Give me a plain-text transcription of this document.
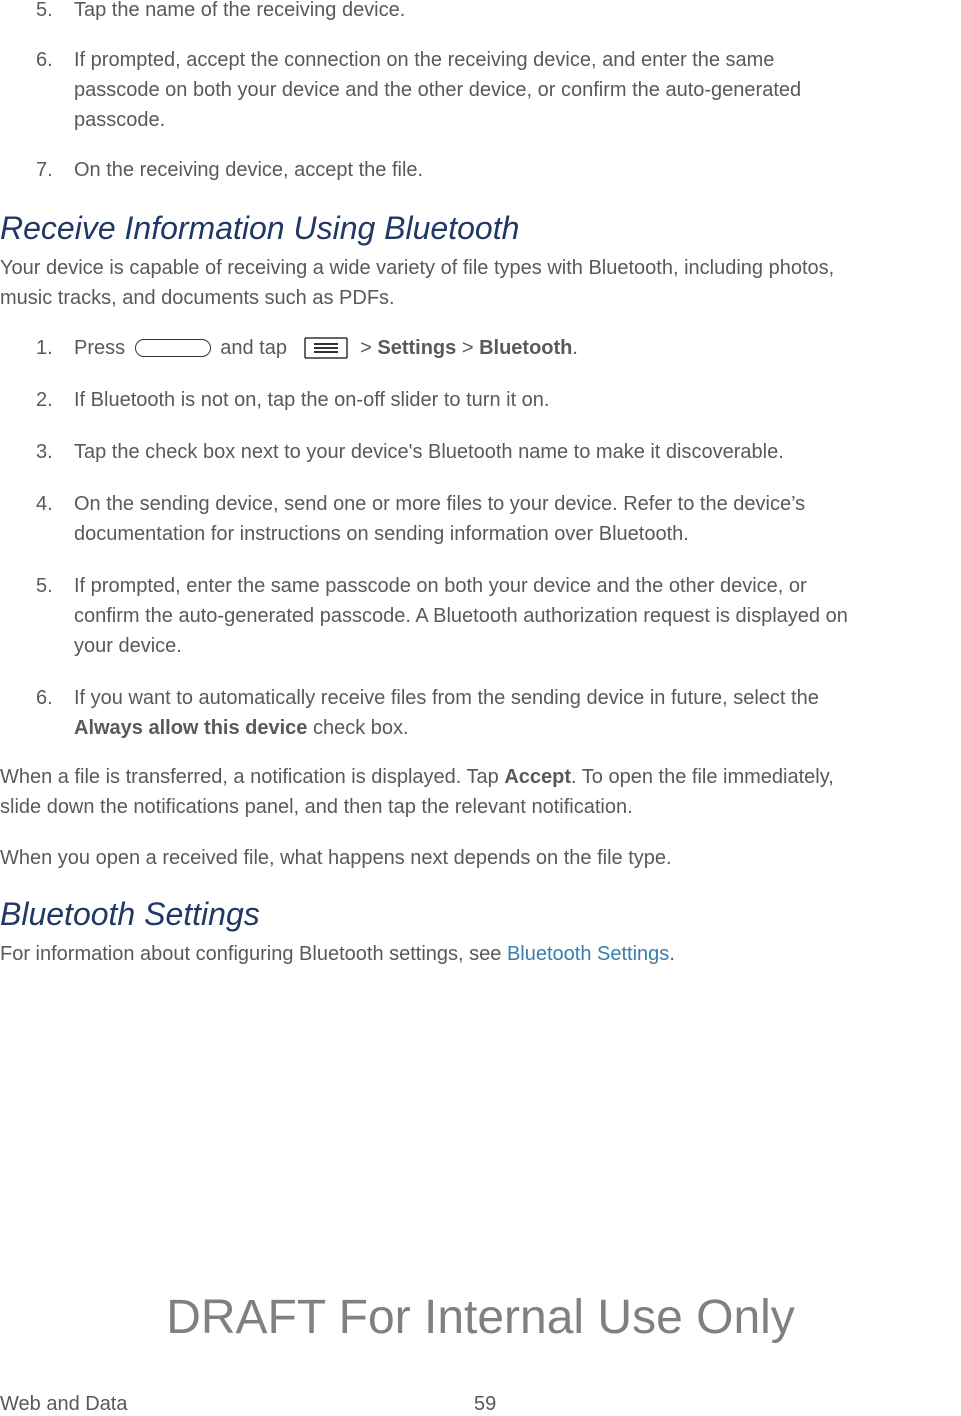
5. Tap the name of the receiving device.
6. If prompted, accept the connection on the receiving device, and enter the same
passcode on both your device and the other device, or confirm the auto-generated
passcode.
7. On the receiving device, accept the file.
Receive Information Using Bluetooth
Your device is capable of receiving a wide variety of file types with Bluetooth, including photos,
music tracks, and documents such as PDFs.
1. Press	and tap	> Settings > Bluetooth.
2. If Bluetooth is not on, tap the on-off slider to turn it on.
3. Tap the check box next to your device's Bluetooth name to make it discoverable.
4. On the sending device, send one or more files to your device. Refer to the device’s
documentation for instructions on sending information over Bluetooth.
5. If prompted, enter the same passcode on both your device and the other device, or
confirm the auto-generated passcode. A Bluetooth authorization request is displayed on
your device.
6. If you want to automatically receive files from the sending device in future, select the
Always allow this device check box.
When a file is transferred, a notification is displayed. Tap Accept. To open the file immediately,
slide down the notifications panel, and then tap the relevant notification.
When you open a received file, what happens next depends on the file type.
Bluetooth Settings
For information about configuring Bluetooth settings, see Bluetooth Settings.
DRAFT For Internal Use Only
Web and Data	59
